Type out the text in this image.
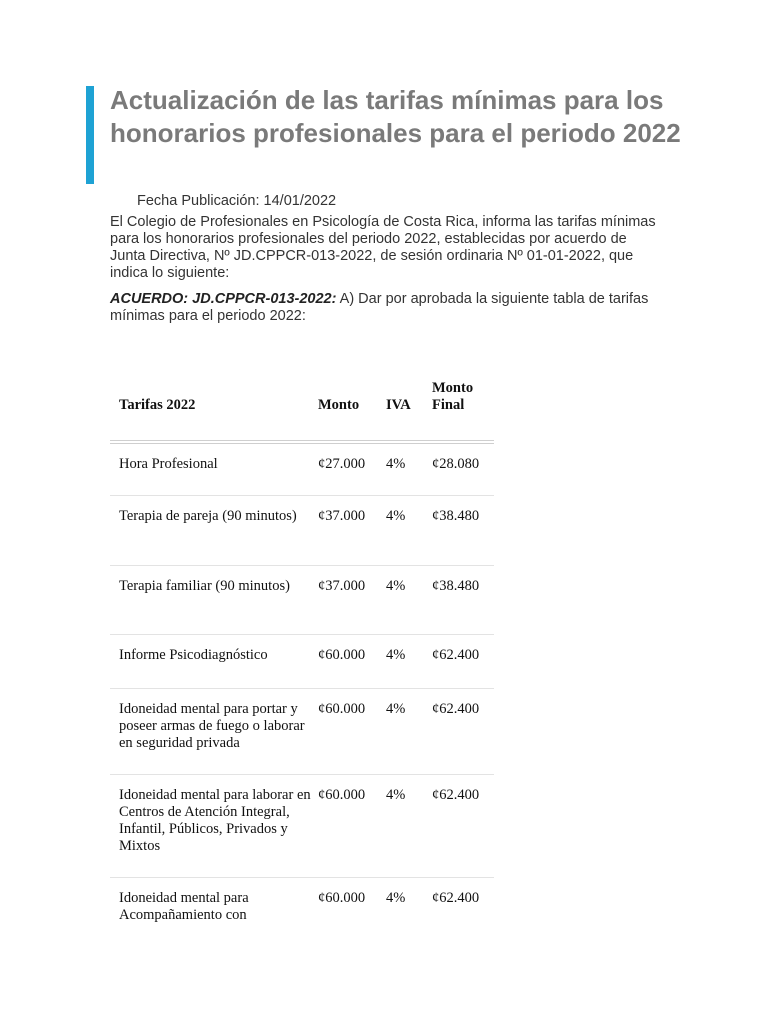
Actualización de las tarifas mínimas para los honorarios profesionales para el periodo 2022
Fecha Publicación: 14/01/2022

El Colegio de Profesionales en Psicología de Costa Rica, informa las tarifas mínimas para los honorarios profesionales del periodo 2022, establecidas por acuerdo de Junta Directiva, Nº JD.CPPCR-013-2022, de sesión ordinaria Nº 01-01-2022, que indica lo siguiente:

ACUERDO: JD.CPPCR-013-2022: A) Dar por aprobada la siguiente tabla de tarifas mínimas para el periodo 2022:

Tarifas 2022	Monto	IVA	Monto Final
Hora Profesional	¢27.000	4%	¢28.080
Terapia de pareja (90 minutos)	¢37.000	4%	¢38.480
Terapia familiar (90 minutos)	¢37.000	4%	¢38.480
Informe Psicodiagnóstico	¢60.000	4%	¢62.400
Idoneidad mental para portar y poseer armas de fuego o laborar en seguridad privada	¢60.000	4%	¢62.400
Idoneidad mental para laborar en Centros de Atención Integral, Infantil, Públicos, Privados y Mixtos	¢60.000	4%	¢62.400
Idoneidad mental para Acompañamiento con	¢60.000	4%	¢62.400
